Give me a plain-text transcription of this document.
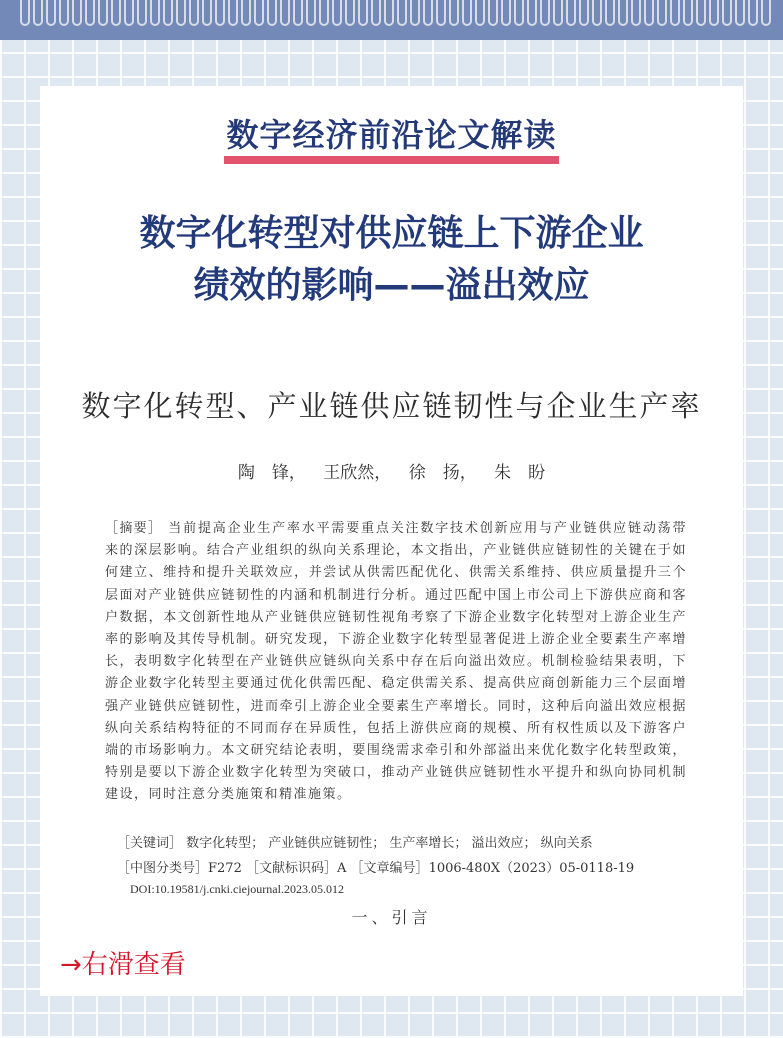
数字经济前沿论文解读
数字化转型对供应链上下游企业
绩效的影响——溢出效应
数字化转型、产业链供应链韧性与企业生产率
陶　锋， 王欣然， 徐　扬， 朱　盼
［摘要］ 当前提高企业生产率水平需要重点关注数字技术创新应用与产业链供应链动荡带来的深层影响。结合产业组织的纵向关系理论，本文指出，产业链供应链韧性的关键在于如何建立、维持和提升关联效应，并尝试从供需匹配优化、供需关系维持、供应质量提升三个层面对产业链供应链韧性的内涵和机制进行分析。通过匹配中国上市公司上下游供应商和客户数据，本文创新性地从产业链供应链韧性视角考察了下游企业数字化转型对上游企业生产率的影响及其传导机制。研究发现，下游企业数字化转型显著促进上游企业全要素生产率增长，表明数字化转型在产业链供应链纵向关系中存在后向溢出效应。机制检验结果表明，下游企业数字化转型主要通过优化供需匹配、稳定供需关系、提高供应商创新能力三个层面增强产业链供应链韧性，进而牵引上游企业全要素生产率增长。同时，这种后向溢出效应根据纵向关系结构特征的不同而存在异质性，包括上游供应商的规模、所有权性质以及下游客户端的市场影响力。本文研究结论表明，要围绕需求牵引和外部溢出来优化数字化转型政策，特别是要以下游企业数字化转型为突破口，推动产业链供应链韧性水平提升和纵向协同机制建设，同时注意分类施策和精准施策。
［关键词］ 数字化转型； 产业链供应链韧性； 生产率增长； 溢出效应； 纵向关系
［中图分类号］F272 ［文献标识码］A ［文章编号］1006-480X（2023）05-0118-19
DOI:10.19581/j.cnki.ciejournal.2023.05.012
一、引言
→右滑查看
